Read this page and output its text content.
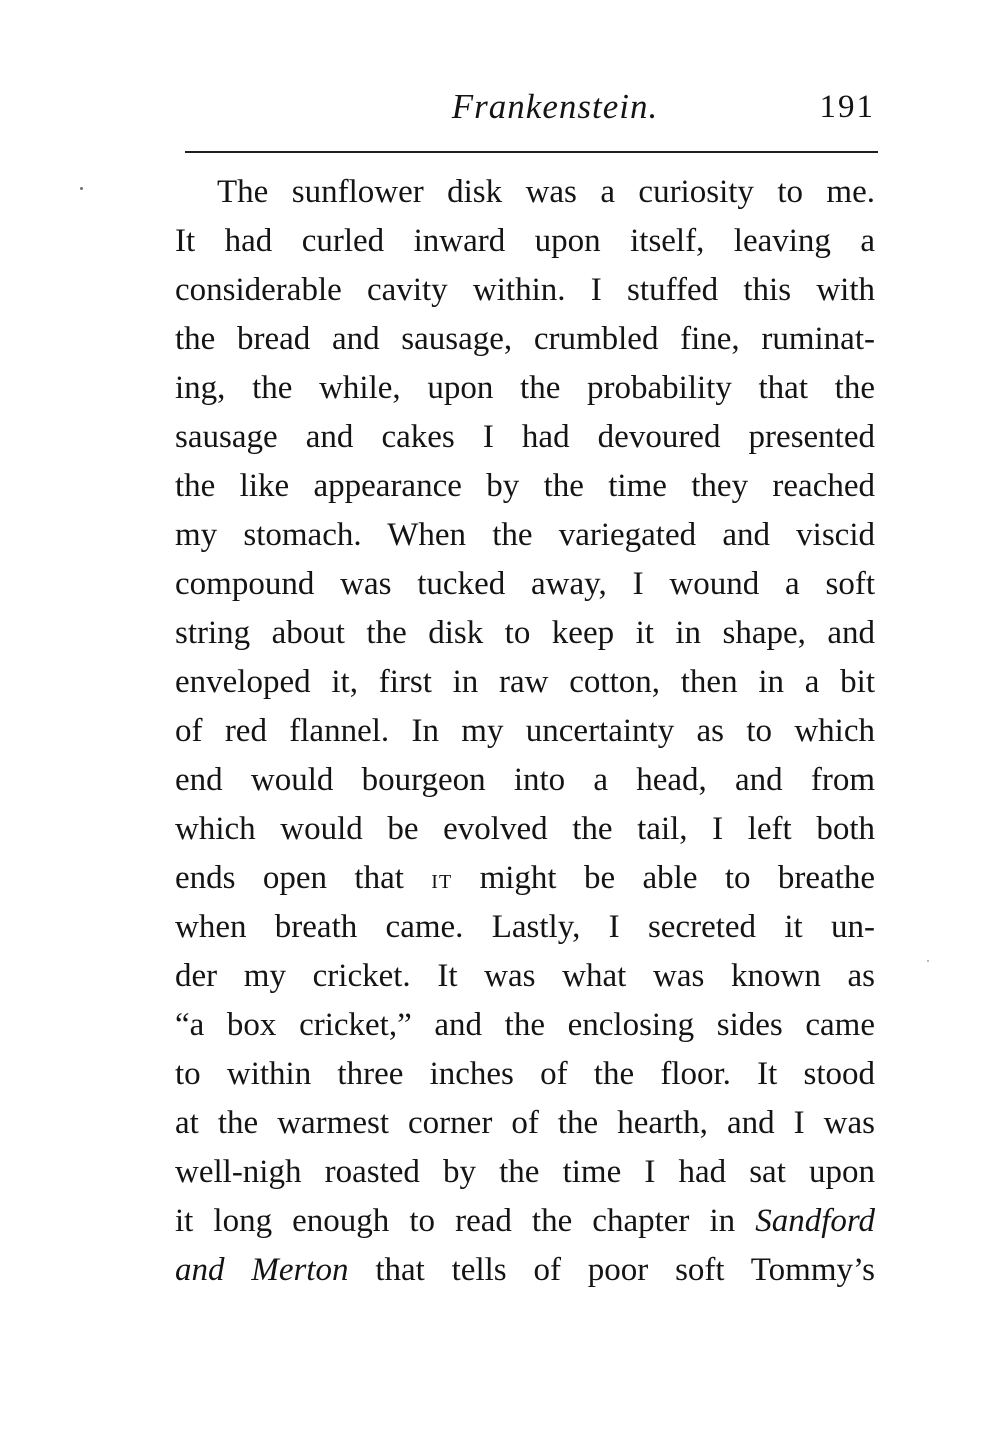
Frankenstein.	191
The sunflower disk was a curiosity to me.
It had curled inward upon itself, leaving a
considerable cavity within. I stuffed this with
the bread and sausage, crumbled fine, ruminat-
ing, the while, upon the probability that the
sausage and cakes I had devoured presented
the like appearance by the time they reached
my stomach. When the variegated and viscid
compound was tucked away, I wound a soft
string about the disk to keep it in shape, and
enveloped it, first in raw cotton, then in a bit
of red flannel. In my uncertainty as to which
end would bourgeon into a head, and from
which would be evolved the tail, I left both
ends open that it might be able to breathe
when breath came. Lastly, I secreted it un-
der my cricket. It was what was known as
“a box cricket,” and the enclosing sides came
to within three inches of the floor. It stood
at the warmest corner of the hearth, and I was
well-nigh roasted by the time I had sat upon
it long enough to read the chapter in Sandford
and Merton that tells of poor soft Tommy’s
